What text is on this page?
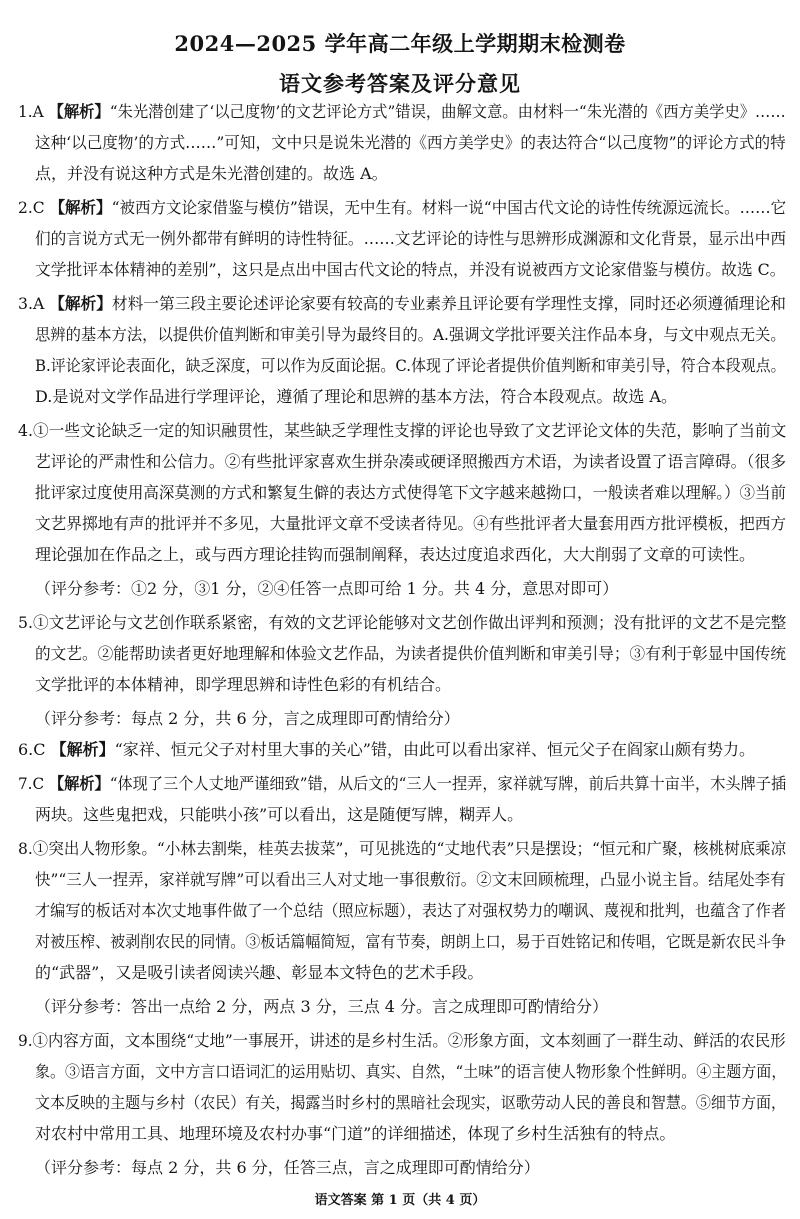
2024—2025 学年高二年级上学期期末检测卷
语文参考答案及评分意见
1.A 【解析】“朱光潜创建了‘以己度物’的文艺评论方式”错误，曲解文意。由材料一“朱光潜的《西方美学史》……
这种‘以己度物’的方式……”可知，文中只是说朱光潜的《西方美学史》的表达符合“以己度物”的评论方式的特
点，并没有说这种方式是朱光潜创建的。故选 A。
2.C 【解析】“被西方文论家借鉴与模仿”错误，无中生有。材料一说“中国古代文论的诗性传统源远流长。……它
们的言说方式无一例外都带有鲜明的诗性特征。……文艺评论的诗性与思辨形成渊源和文化背景，显示出中西
文学批评本体精神的差别”，这只是点出中国古代文论的特点，并没有说被西方文论家借鉴与模仿。故选 C。
3.A 【解析】材料一第三段主要论述评论家要有较高的专业素养且评论要有学理性支撑，同时还必须遵循理论和
思辨的基本方法，以提供价值判断和审美引导为最终目的。A.强调文学批评要关注作品本身，与文中观点无关。
B.评论家评论表面化，缺乏深度，可以作为反面论据。C.体现了评论者提供价值判断和审美引导，符合本段观点。
D.是说对文学作品进行学理评论，遵循了理论和思辨的基本方法，符合本段观点。故选 A。
4.①一些文论缺乏一定的知识融贯性，某些缺乏学理性支撑的评论也导致了文艺评论文体的失范，影响了当前文
艺评论的严肃性和公信力。②有些批评家喜欢生拼杂凑或硬译照搬西方术语，为读者设置了语言障碍。（很多
批评家过度使用高深莫测的方式和繁复生僻的表达方式使得笔下文字越来越拗口，一般读者难以理解。）③当前
文艺界掷地有声的批评并不多见，大量批评文章不受读者待见。④有些批评者大量套用西方批评模板，把西方
理论强加在作品之上，或与西方理论挂钩而强制阐释，表达过度追求西化，大大削弱了文章的可读性。
（评分参考：①2 分，③1 分，②④任答一点即可给 1 分。共 4 分，意思对即可）
5.①文艺评论与文艺创作联系紧密，有效的文艺评论能够对文艺创作做出评判和预测；没有批评的文艺不是完整
的文艺。②能帮助读者更好地理解和体验文艺作品，为读者提供价值判断和审美引导；③有利于彰显中国传统
文学批评的本体精神，即学理思辨和诗性色彩的有机结合。
（评分参考：每点 2 分，共 6 分，言之成理即可酌情给分）
6.C 【解析】“家祥、恒元父子对村里大事的关心”错，由此可以看出家祥、恒元父子在阎家山颇有势力。
7.C 【解析】“体现了三个人丈地严谨细致”错，从后文的“三人一捏弄，家祥就写牌，前后共算十亩半，木头牌子插
两块。这些鬼把戏，只能哄小孩”可以看出，这是随便写牌，糊弄人。
8.①突出人物形象。“小林去割柴，桂英去拔菜”，可见挑选的“丈地代表”只是摆设；“恒元和广聚，核桃树底乘凉
快”“三人一捏弄，家祥就写牌”可以看出三人对丈地一事很敷衍。②文末回顾梳理，凸显小说主旨。结尾处李有
才编写的板话对本次丈地事件做了一个总结（照应标题），表达了对强权势力的嘲讽、蔑视和批判，也蕴含了作者
对被压榨、被剥削农民的同情。③板话篇幅简短，富有节奏，朗朗上口，易于百姓铭记和传唱，它既是新农民斗争
的“武器”，又是吸引读者阅读兴趣、彰显本文特色的艺术手段。
（评分参考：答出一点给 2 分，两点 3 分，三点 4 分。言之成理即可酌情给分）
9.①内容方面，文本围绕“丈地”一事展开，讲述的是乡村生活。②形象方面，文本刻画了一群生动、鲜活的农民形
象。③语言方面，文中方言口语词汇的运用贴切、真实、自然，“土味”的语言使人物形象个性鲜明。④主题方面，
文本反映的主题与乡村（农民）有关，揭露当时乡村的黑暗社会现实，讴歌劳动人民的善良和智慧。⑤细节方面，
对农村中常用工具、地理环境及农村办事“门道”的详细描述，体现了乡村生活独有的特点。
（评分参考：每点 2 分，共 6 分，任答三点，言之成理即可酌情给分）
语文答案 第 1 页（共 4 页）
